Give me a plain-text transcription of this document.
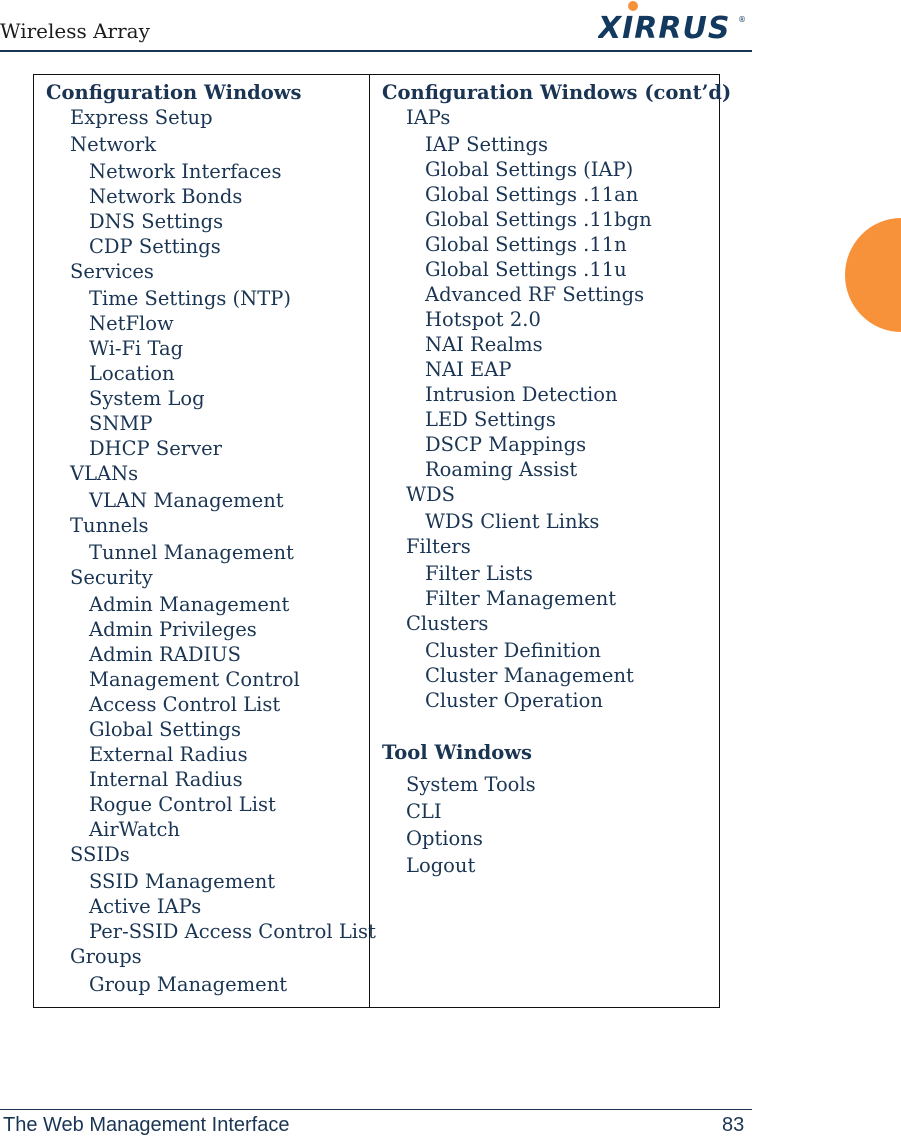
Wireless Array	XIRRUS ®
Configuration Windows
Express Setup
Network
Network Interfaces
Network Bonds
DNS Settings
CDP Settings
Services
Time Settings (NTP)
NetFlow
Wi-Fi Tag
Location
System Log
SNMP
DHCP Server
VLANs
VLAN Management
Tunnels
Tunnel Management
Security
Admin Management
Admin Privileges
Admin RADIUS
Management Control
Access Control List
Global Settings
External Radius
Internal Radius
Rogue Control List
AirWatch
SSIDs
SSID Management
Active IAPs
Per-SSID Access Control List
Groups
Group Management
Configuration Windows (cont’d)
IAPs
IAP Settings
Global Settings (IAP)
Global Settings .11an
Global Settings .11bgn
Global Settings .11n
Global Settings .11u
Advanced RF Settings
Hotspot 2.0
NAI Realms
NAI EAP
Intrusion Detection
LED Settings
DSCP Mappings
Roaming Assist
WDS
WDS Client Links
Filters
Filter Lists
Filter Management
Clusters
Cluster Definition
Cluster Management
Cluster Operation
Tool Windows
System Tools
CLI
Options
Logout
The Web Management Interface	83
